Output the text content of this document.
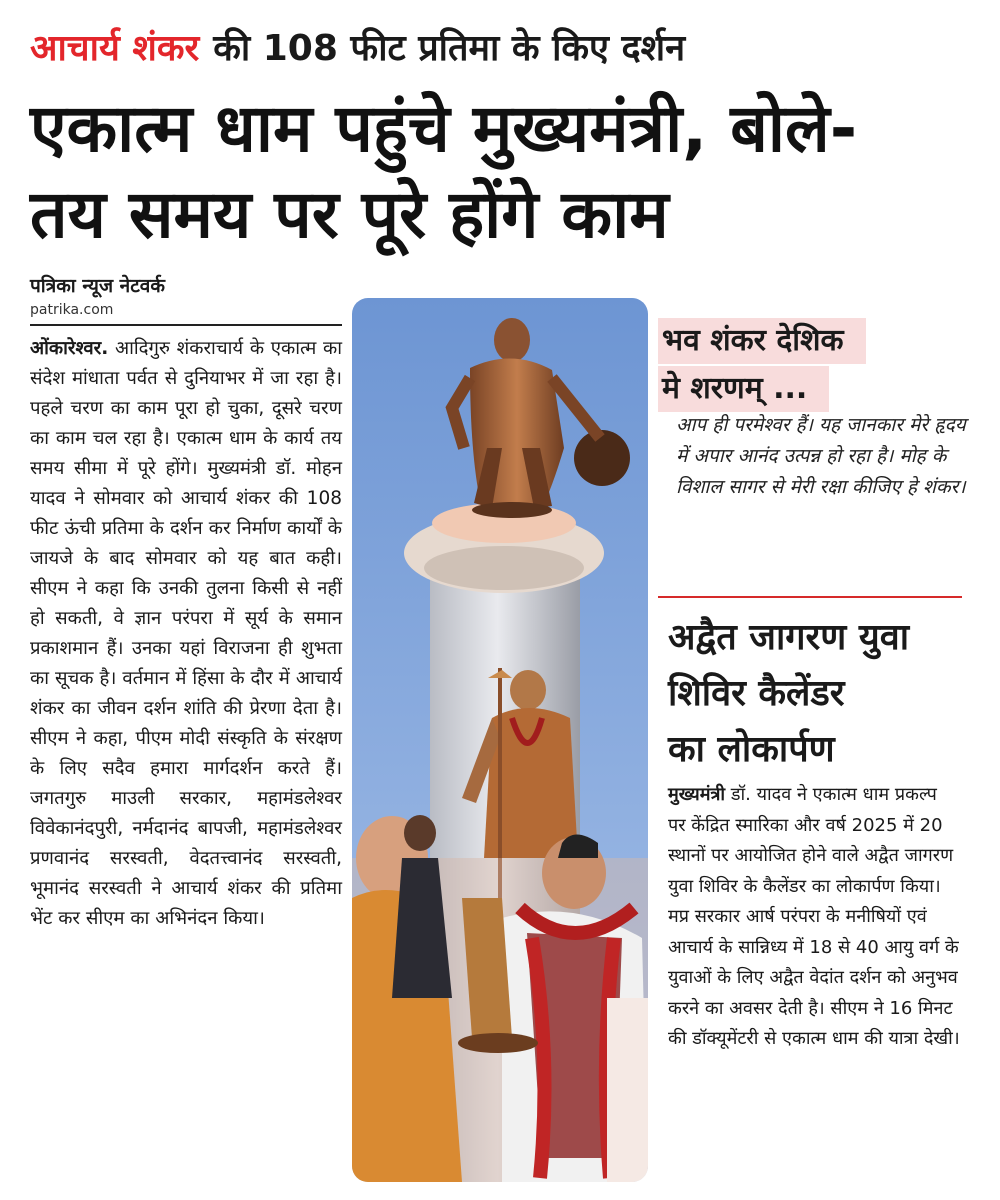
आचार्य शंकर की 108 फीट प्रतिमा के किए दर्शन
एकात्म धाम पहुंचे मुख्यमंत्री, बोले-
तय समय पर पूरे होंगे काम
पत्रिका न्यूज नेटवर्क
patrika.com
ओंकारेश्वर. आदिगुरु शंकराचार्य के एकात्म का संदेश मांधाता पर्वत से दुनियाभर में जा रहा है। पहले चरण का काम पूरा हो चुका, दूसरे चरण का काम चल रहा है। एकात्म धाम के कार्य तय समय सीमा में पूरे होंगे। मुख्यमंत्री डॉ. मोहन यादव ने सोमवार को आचार्य शंकर की 108 फीट ऊंची प्रतिमा के दर्शन कर निर्माण कार्यों के जायजे के बाद सोमवार को यह बात कही। सीएम ने कहा कि उनकी तुलना किसी से नहीं हो सकती, वे ज्ञान परंपरा में सूर्य के समान प्रकाशमान हैं। उनका यहां विराजना ही शुभता का सूचक है। वर्तमान में हिंसा के दौर में आचार्य शंकर का जीवन दर्शन शांति की प्रेरणा देता है। सीएम ने कहा, पीएम मोदी संस्कृति के संरक्षण के लिए सदैव हमारा मार्गदर्शन करते हैं। जगतगुरु माउली सरकार, महामंडलेश्वर विवेकानंदपुरी, नर्मदानंद बापजी, महामंडलेश्वर प्रणवानंद सरस्वती, वेदतत्त्वानंद सरस्वती, भूमानंद सरस्वती ने आचार्य शंकर की प्रतिमा भेंट कर सीएम का अभिनंदन किया।
भव शंकर देशिक
मे शरणम् ...
आप ही परमेश्वर हैं। यह जानकार मेरे हृदय में अपार आनंद उत्पन्न हो रहा है। मोह के विशाल सागर से मेरी रक्षा कीजिए हे शंकर।
अद्वैत जागरण युवा
शिविर कैलेंडर
का लोकार्पण
मुख्यमंत्री डॉ. यादव ने एकात्म धाम प्रकल्प पर केंद्रित स्मारिका और वर्ष 2025 में 20 स्थानों पर आयोजित होने वाले अद्वैत जागरण युवा शिविर के कैलेंडर का लोकार्पण किया। मप्र सरकार आर्ष परंपरा के मनीषियों एवं आचार्य के सान्निध्य में 18 से 40 आयु वर्ग के युवाओं के लिए अद्वैत वेदांत दर्शन को अनुभव करने का अवसर देती है। सीएम ने 16 मिनट की डॉक्यूमेंटरी से एकात्म धाम की यात्रा देखी।
